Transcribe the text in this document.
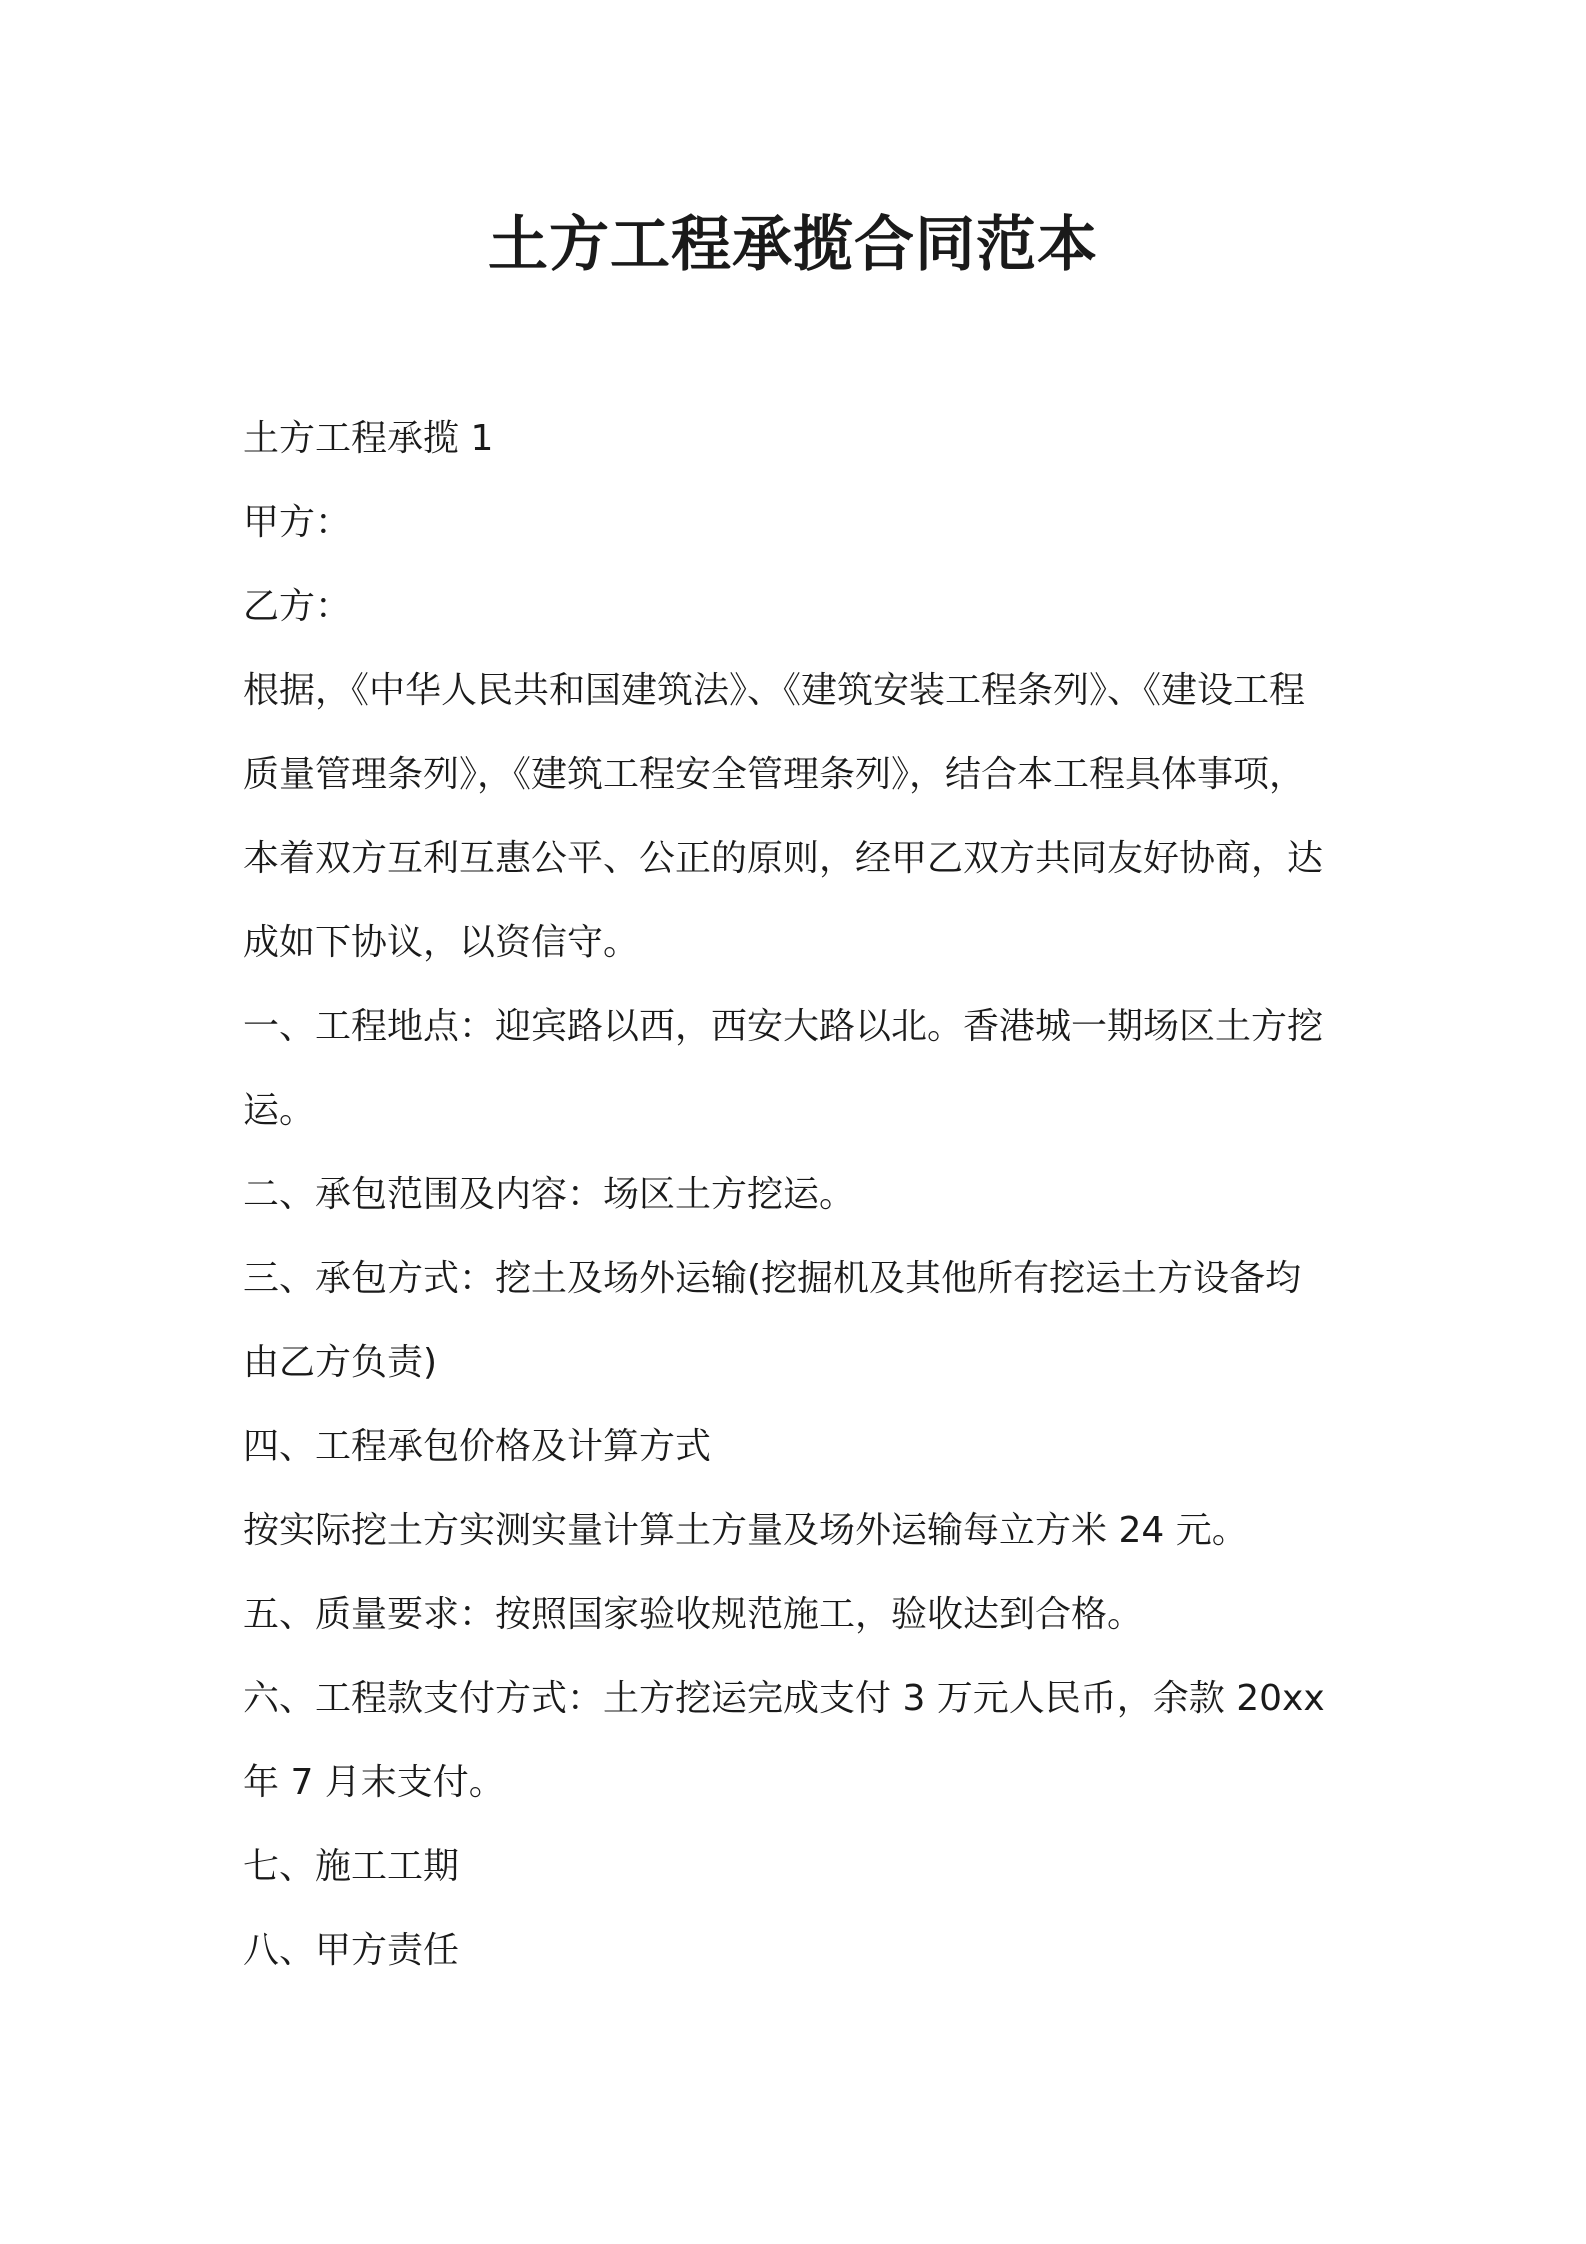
土方工程承揽合同范本

土方工程承揽 1

甲方：

乙方：

根据，《中华人民共和国建筑法》、《建筑安装工程条列》、《建设工程

质量管理条列》，《建筑工程安全管理条列》，结合本工程具体事项，

本着双方互利互惠公平、公正的原则，经甲乙双方共同友好协商，达

成如下协议，以资信守。

一、工程地点：迎宾路以西，西安大路以北。香港城一期场区土方挖

运。

二、承包范围及内容：场区土方挖运。

三、承包方式：挖土及场外运输(挖掘机及其他所有挖运土方设备均

由乙方负责)

四、工程承包价格及计算方式

按实际挖土方实测实量计算土方量及场外运输每立方米 24 元。

五、质量要求：按照国家验收规范施工，验收达到合格。

六、工程款支付方式：土方挖运完成支付 3 万元人民币，余款 20xx

年 7 月末支付。

七、施工工期

八、甲方责任
